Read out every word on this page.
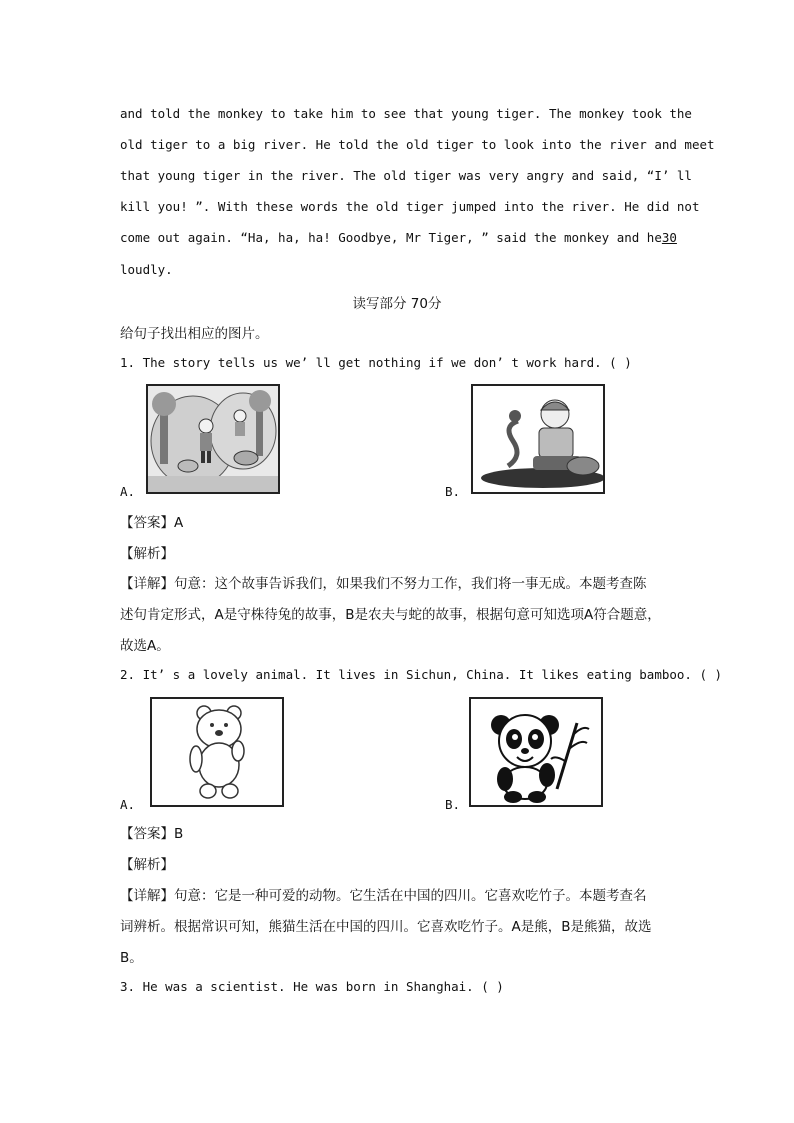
and told the monkey to take him to see that young tiger. The monkey took the
old tiger to a big river. He told the old tiger to look into the river and meet
that young tiger in the river. The old tiger was very angry and said, “I’ ll
kill you! ”. With these words the old tiger jumped into the river. He did not
come out again. “Ha, ha, ha! Goodbye, Mr Tiger, ” said the monkey and he30
loudly.
读写部分 70分
给句子找出相应的图片。
1. The story tells us we’ ll get nothing if we don’ t work hard. ( )
A.	B.
【答案】A
【解析】
【详解】句意：这个故事告诉我们，如果我们不努力工作，我们将一事无成。本题考查陈
述句肯定形式，A是守株待兔的故事，B是农夫与蛇的故事，根据句意可知选项A符合题意，
故选A。
2. It’ s a lovely animal. It lives in Sichun, China. It likes eating bamboo. ( )
A.	B.
【答案】B
【解析】
【详解】句意：它是一种可爱的动物。它生活在中国的四川。它喜欢吃竹子。本题考查名
词辨析。根据常识可知，熊猫生活在中国的四川。它喜欢吃竹子。A是熊，B是熊猫，故选
B。
3. He was a scientist. He was born in Shanghai. ( )
